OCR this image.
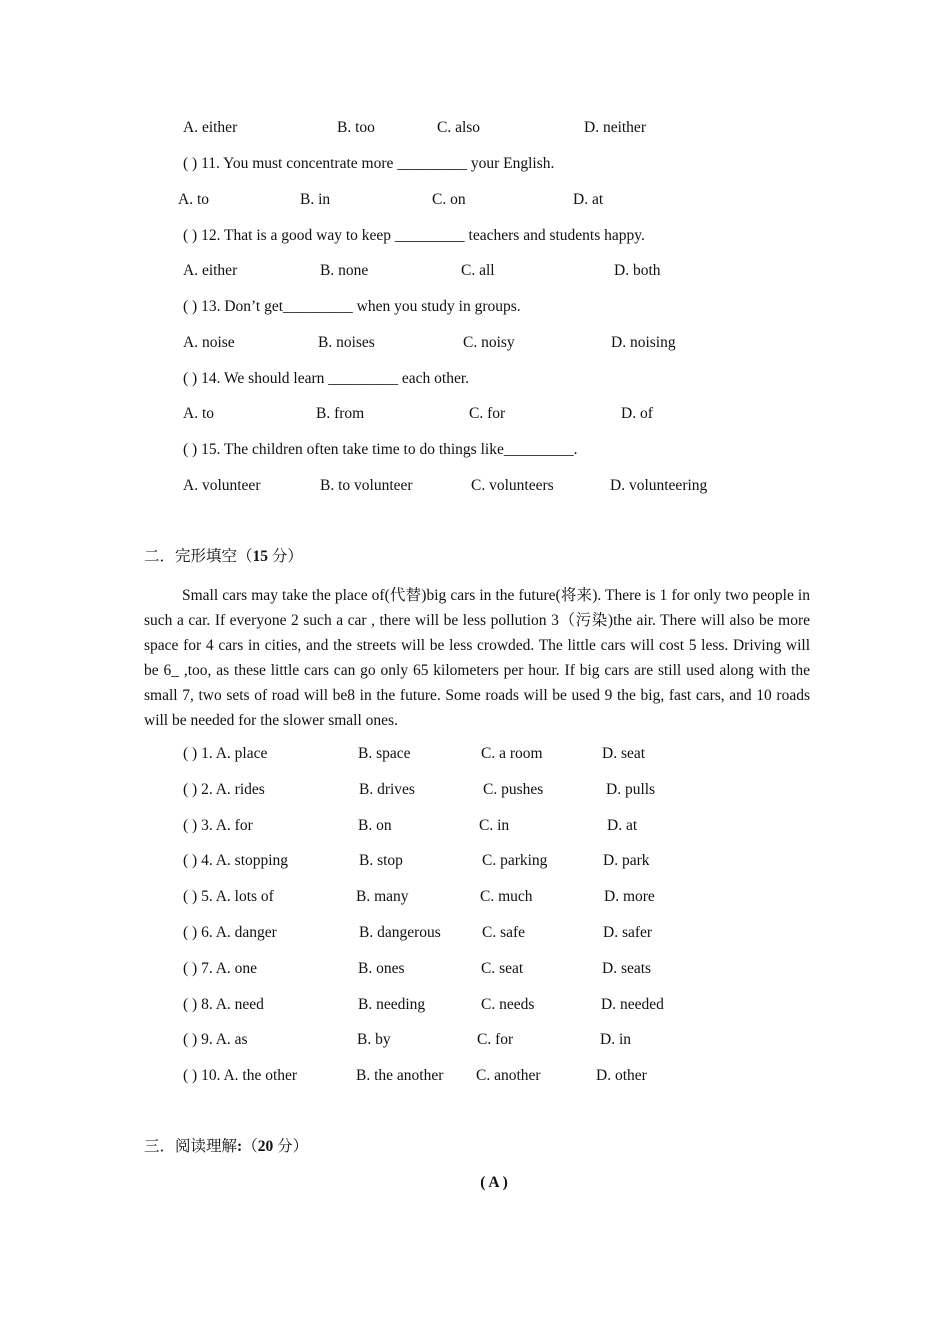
A. either	B. too	C. also	D. neither
( ) 11. You must concentrate more _________ your English.
A. to	B. in	C. on	D. at
( ) 12. That is a good way to keep _________ teachers and students happy.
A. either	B. none	C. all	D. both
( ) 13. Don’t get_________ when you study in groups.
A. noise	B. noises	C. noisy	D. noising
( ) 14. We should learn _________ each other.
A. to	B. from	C. for	D. of
( ) 15. The children often take time to do things like_________.
A. volunteer	B. to volunteer	C. volunteers	D. volunteering
二．完形填空（15 分）

Small cars may take the place of(代替)big cars in the future(将来). There is 1 for only two people in such a car. If everyone 2 such a car , there will be less pollution 3（污染)the air. There will also be more space for 4 cars in cities, and the streets will be less crowded. The little cars will cost 5 less. Driving will be 6_ ,too, as these little cars can go only 65 kilometers per hour. If big cars are still used along with the small 7, two sets of road will be8 in the future. Some roads will be used 9 the big, fast cars, and 10 roads will be needed for the slower small ones.

( ) 1. A. place	B. space	C. a room	D. seat
( ) 2. A. rides	B. drives	C. pushes	D. pulls
( ) 3. A. for	B. on	C. in	D. at
( ) 4. A. stopping	B. stop	C. parking	D. park
( ) 5. A. lots of	B. many	C. much	D. more
( ) 6. A. danger	B. dangerous	C. safe	D. safer
( ) 7. A. one	B. ones	C. seat	D. seats
( ) 8. A. need	B. needing	C. needs	D. needed
( ) 9. A. as	B. by	C. for	D. in
( ) 10. A. the other	B. the another C. another	D. other
三．阅读理解:（20 分）
( A )
